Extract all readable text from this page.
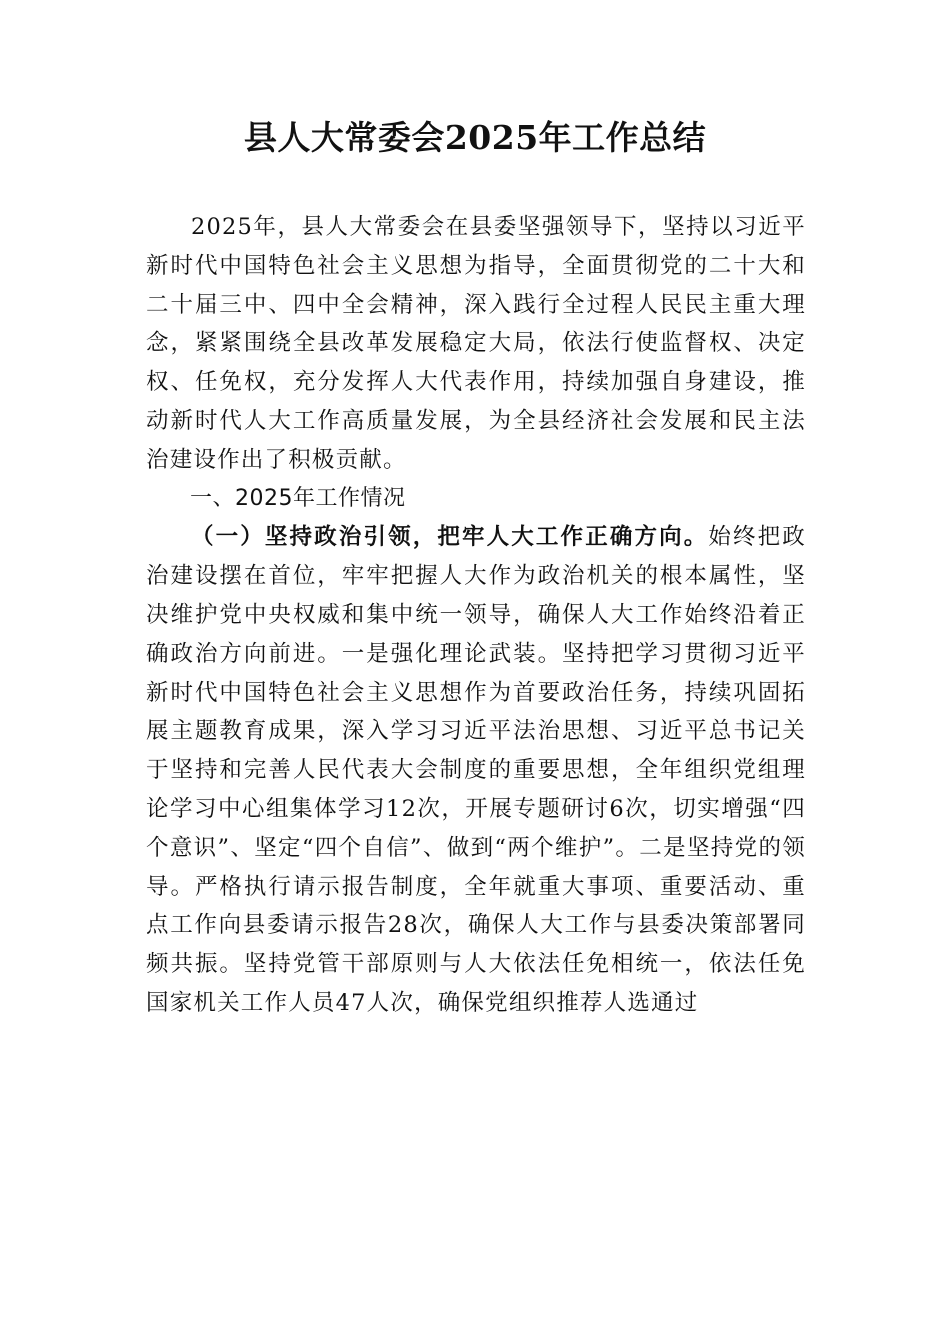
县人大常委会2025年工作总结

2025年，县人大常委会在县委坚强领导下，坚持以习近平新时代中国特色社会主义思想为指导，全面贯彻党的二十大和二十届三中、四中全会精神，深入践行全过程人民民主重大理念，紧紧围绕全县改革发展稳定大局，依法行使监督权、决定权、任免权，充分发挥人大代表作用，持续加强自身建设，推动新时代人大工作高质量发展，为全县经济社会发展和民主法治建设作出了积极贡献。

一、2025年工作情况

（一）坚持政治引领，把牢人大工作正确方向。始终把政治建设摆在首位，牢牢把握人大作为政治机关的根本属性，坚决维护党中央权威和集中统一领导，确保人大工作始终沿着正确政治方向前进。一是强化理论武装。坚持把学习贯彻习近平新时代中国特色社会主义思想作为首要政治任务，持续巩固拓展主题教育成果，深入学习习近平法治思想、习近平总书记关于坚持和完善人民代表大会制度的重要思想，全年组织党组理论学习中心组集体学习12次，开展专题研讨6次，切实增强“四个意识”、坚定“四个自信”、做到“两个维护”。二是坚持党的领导。严格执行请示报告制度，全年就重大事项、重要活动、重点工作向县委请示报告28次，确保人大工作与县委决策部署同频共振。坚持党管干部原则与人大依法任免相统一，依法任免国家机关工作人员47人次，确保党组织推荐人选通过
